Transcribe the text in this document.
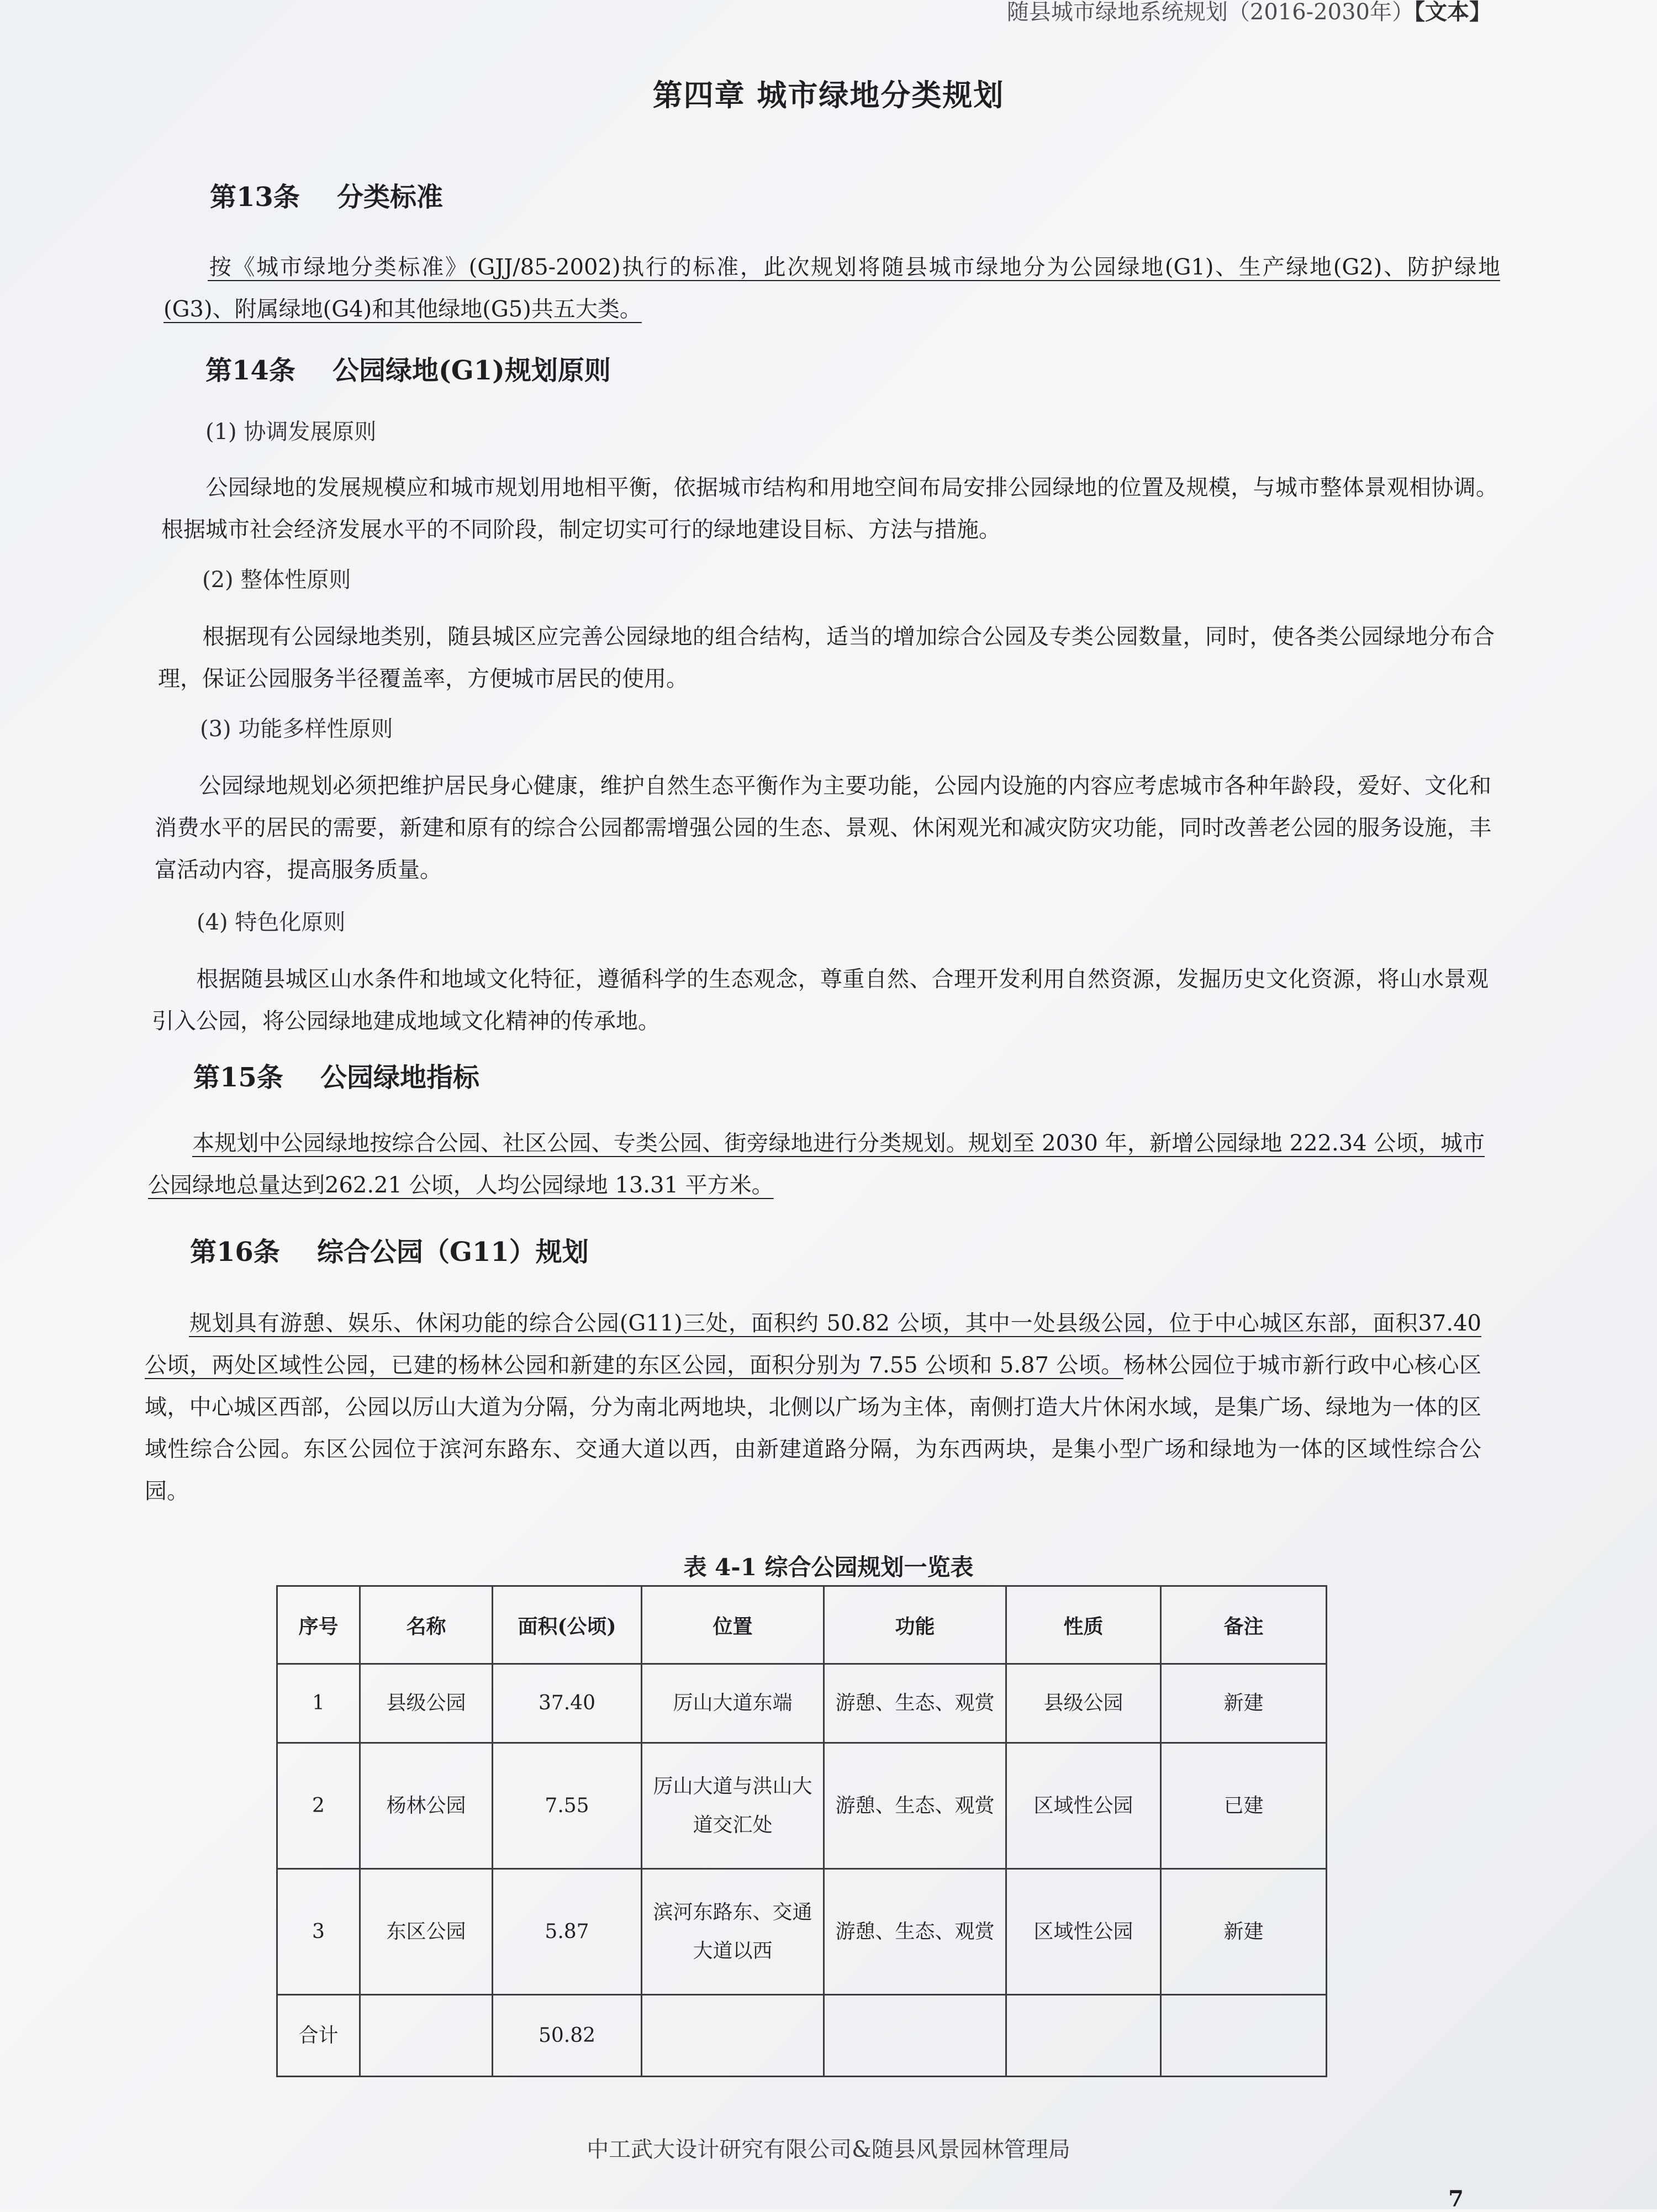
随县城市绿地系统规划（2016-2030年）【文本】
第四章 城市绿地分类规划
第13条 分类标准
按《城市绿地分类标准》(GJJ/85-2002)执行的标准，此次规划将随县城市绿地分为公园绿地(G1)、生产绿地(G2)、防护绿地(G3)、附属绿地(G4)和其他绿地(G5)共五大类。
第14条 公园绿地(G1)规划原则
(1) 协调发展原则
公园绿地的发展规模应和城市规划用地相平衡，依据城市结构和用地空间布局安排公园绿地的位置及规模，与城市整体景观相协调。根据城市社会经济发展水平的不同阶段，制定切实可行的绿地建设目标、方法与措施。
(2) 整体性原则
根据现有公园绿地类别，随县城区应完善公园绿地的组合结构，适当的增加综合公园及专类公园数量，同时，使各类公园绿地分布合理，保证公园服务半径覆盖率，方便城市居民的使用。
(3) 功能多样性原则
公园绿地规划必须把维护居民身心健康，维护自然生态平衡作为主要功能，公园内设施的内容应考虑城市各种年龄段，爱好、文化和消费水平的居民的需要，新建和原有的综合公园都需增强公园的生态、景观、休闲观光和减灾防灾功能，同时改善老公园的服务设施，丰富活动内容，提高服务质量。
(4) 特色化原则
根据随县城区山水条件和地域文化特征，遵循科学的生态观念，尊重自然、合理开发利用自然资源，发掘历史文化资源，将山水景观引入公园，将公园绿地建成地域文化精神的传承地。
第15条 公园绿地指标
本规划中公园绿地按综合公园、社区公园、专类公园、街旁绿地进行分类规划。规划至 2030 年，新增公园绿地 222.34 公顷，城市公园绿地总量达到262.21 公顷，人均公园绿地 13.31 平方米。
第16条 综合公园（G11）规划
规划具有游憩、娱乐、休闲功能的综合公园(G11)三处，面积约 50.82 公顷，其中一处县级公园，位于中心城区东部，面积37.40 公顷，两处区域性公园，已建的杨林公园和新建的东区公园，面积分别为 7.55 公顷和 5.87 公顷。杨林公园位于城市新行政中心核心区域，中心城区西部，公园以厉山大道为分隔，分为南北两地块，北侧以广场为主体，南侧打造大片休闲水域，是集广场、绿地为一体的区域性综合公园。东区公园位于滨河东路东、交通大道以西，由新建道路分隔，为东西两块，是集小型广场和绿地为一体的区域性综合公园。
表 4-1 综合公园规划一览表
序号	名称	面积(公顷)	位置	功能	性质	备注
1	县级公园	37.40	厉山大道东端	游憩、生态、观赏	县级公园	新建
2	杨林公园	7.55	厉山大道与洪山大道交汇处	游憩、生态、观赏	区域性公园	已建
3	东区公园	5.87	滨河东路东、交通大道以西	游憩、生态、观赏	区域性公园	新建
合计		50.82				
中工武大设计研究有限公司&随县风景园林管理局
7
